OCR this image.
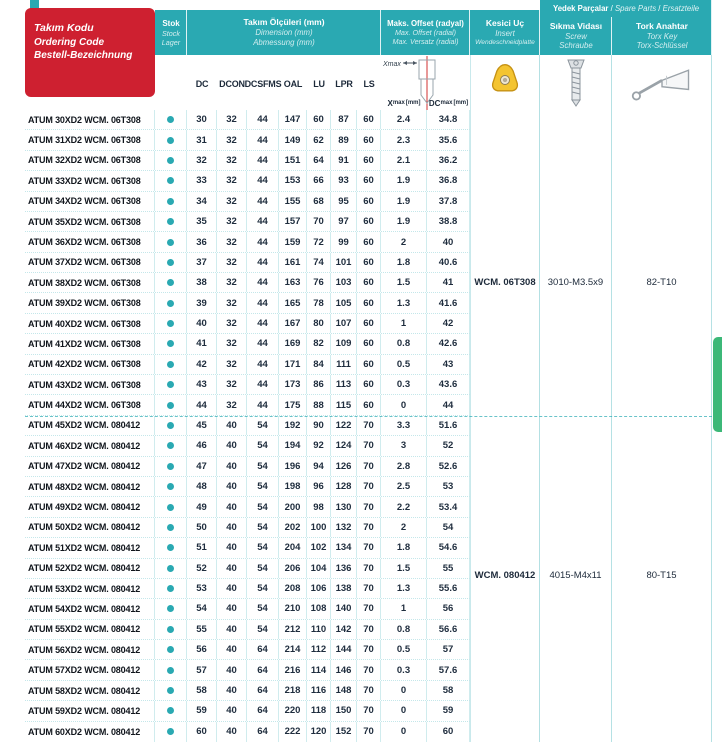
Takım Kodu
Ordering Code
Bestell-Bezeichnung
Stok
Stock
Lager
Takım Ölçüleri (mm)
Dimension (mm)
Abmessung (mm)
Maks. Offset (radyal)
Max. Offset (radial)
Max. Versatz (radial)
Kesici Uç
Insert
Wendeschneidplatte
Yedek Parçalar / Spare Parts / Ersatzteile
Sıkma Vidası
Screw
Schraube
Tork Anahtar
Torx Key
Torx-Schlüssel
DC	DCON DCSFMS OAL	LU	LPR	LS
Xmax
X max [mm] DC max [mm]
WCM. 06T308
WCM. 080412
3010-M3.5x9
4015-M4x11
82-T10
80-T15
ATUM 30XD2 WCM. 06T308	30	32	44	147	60	87	60	2.4	34.8
ATUM 31XD2 WCM. 06T308	31	32	44	149	62	89	60	2.3	35.6
ATUM 32XD2 WCM. 06T308	32	32	44	151	64	91	60	2.1	36.2
ATUM 33XD2 WCM. 06T308	33	32	44	153	66	93	60	1.9	36.8
ATUM 34XD2 WCM. 06T308	34	32	44	155	68	95	60	1.9	37.8
ATUM 35XD2 WCM. 06T308	35	32	44	157	70	97	60	1.9	38.8
ATUM 36XD2 WCM. 06T308	36	32	44	159	72	99	60	2	40
ATUM 37XD2 WCM. 06T308	37	32	44	161	74	101	60	1.8	40.6
ATUM 38XD2 WCM. 06T308	38	32	44	163	76	103	60	1.5	41
ATUM 39XD2 WCM. 06T308	39	32	44	165	78	105	60	1.3	41.6
ATUM 40XD2 WCM. 06T308	40	32	44	167	80	107	60	1	42
ATUM 41XD2 WCM. 06T308	41	32	44	169	82	109	60	0.8	42.6
ATUM 42XD2 WCM. 06T308	42	32	44	171	84	111	60	0.5	43
ATUM 43XD2 WCM. 06T308	43	32	44	173	86	113	60	0.3	43.6
ATUM 44XD2 WCM. 06T308	44	32	44	175	88	115	60	0	44
ATUM 45XD2 WCM. 080412	45	40	54	192	90	122	70	3.3	51.6
ATUM 46XD2 WCM. 080412	46	40	54	194	92	124	70	3	52
ATUM 47XD2 WCM. 080412	47	40	54	196	94	126	70	2.8	52.6
ATUM 48XD2 WCM. 080412	48	40	54	198	96	128	70	2.5	53
ATUM 49XD2 WCM. 080412	49	40	54	200	98	130	70	2.2	53.4
ATUM 50XD2 WCM. 080412	50	40	54	202	100 132	70	2	54
ATUM 51XD2 WCM. 080412	51	40	54	204	102 134	70	1.8	54.6
ATUM 52XD2 WCM. 080412	52	40	54	206	104 136	70	1.5	55
ATUM 53XD2 WCM. 080412	53	40	54	208	106 138	70	1.3	55.6
ATUM 54XD2 WCM. 080412	54	40	54	210	108 140	70	1	56
ATUM 55XD2 WCM. 080412	55	40	54	212	110 142	70	0.8	56.6
ATUM 56XD2 WCM. 080412	56	40	64	214	112 144	70	0.5	57
ATUM 57XD2 WCM. 080412	57	40	64	216	114 146	70	0.3	57.6
ATUM 58XD2 WCM. 080412	58	40	64	218	116 148	70	0	58
ATUM 59XD2 WCM. 080412	59	40	64	220	118 150	70	0	59
ATUM 60XD2 WCM. 080412	60	40	64	222	120 152	70	0	60
